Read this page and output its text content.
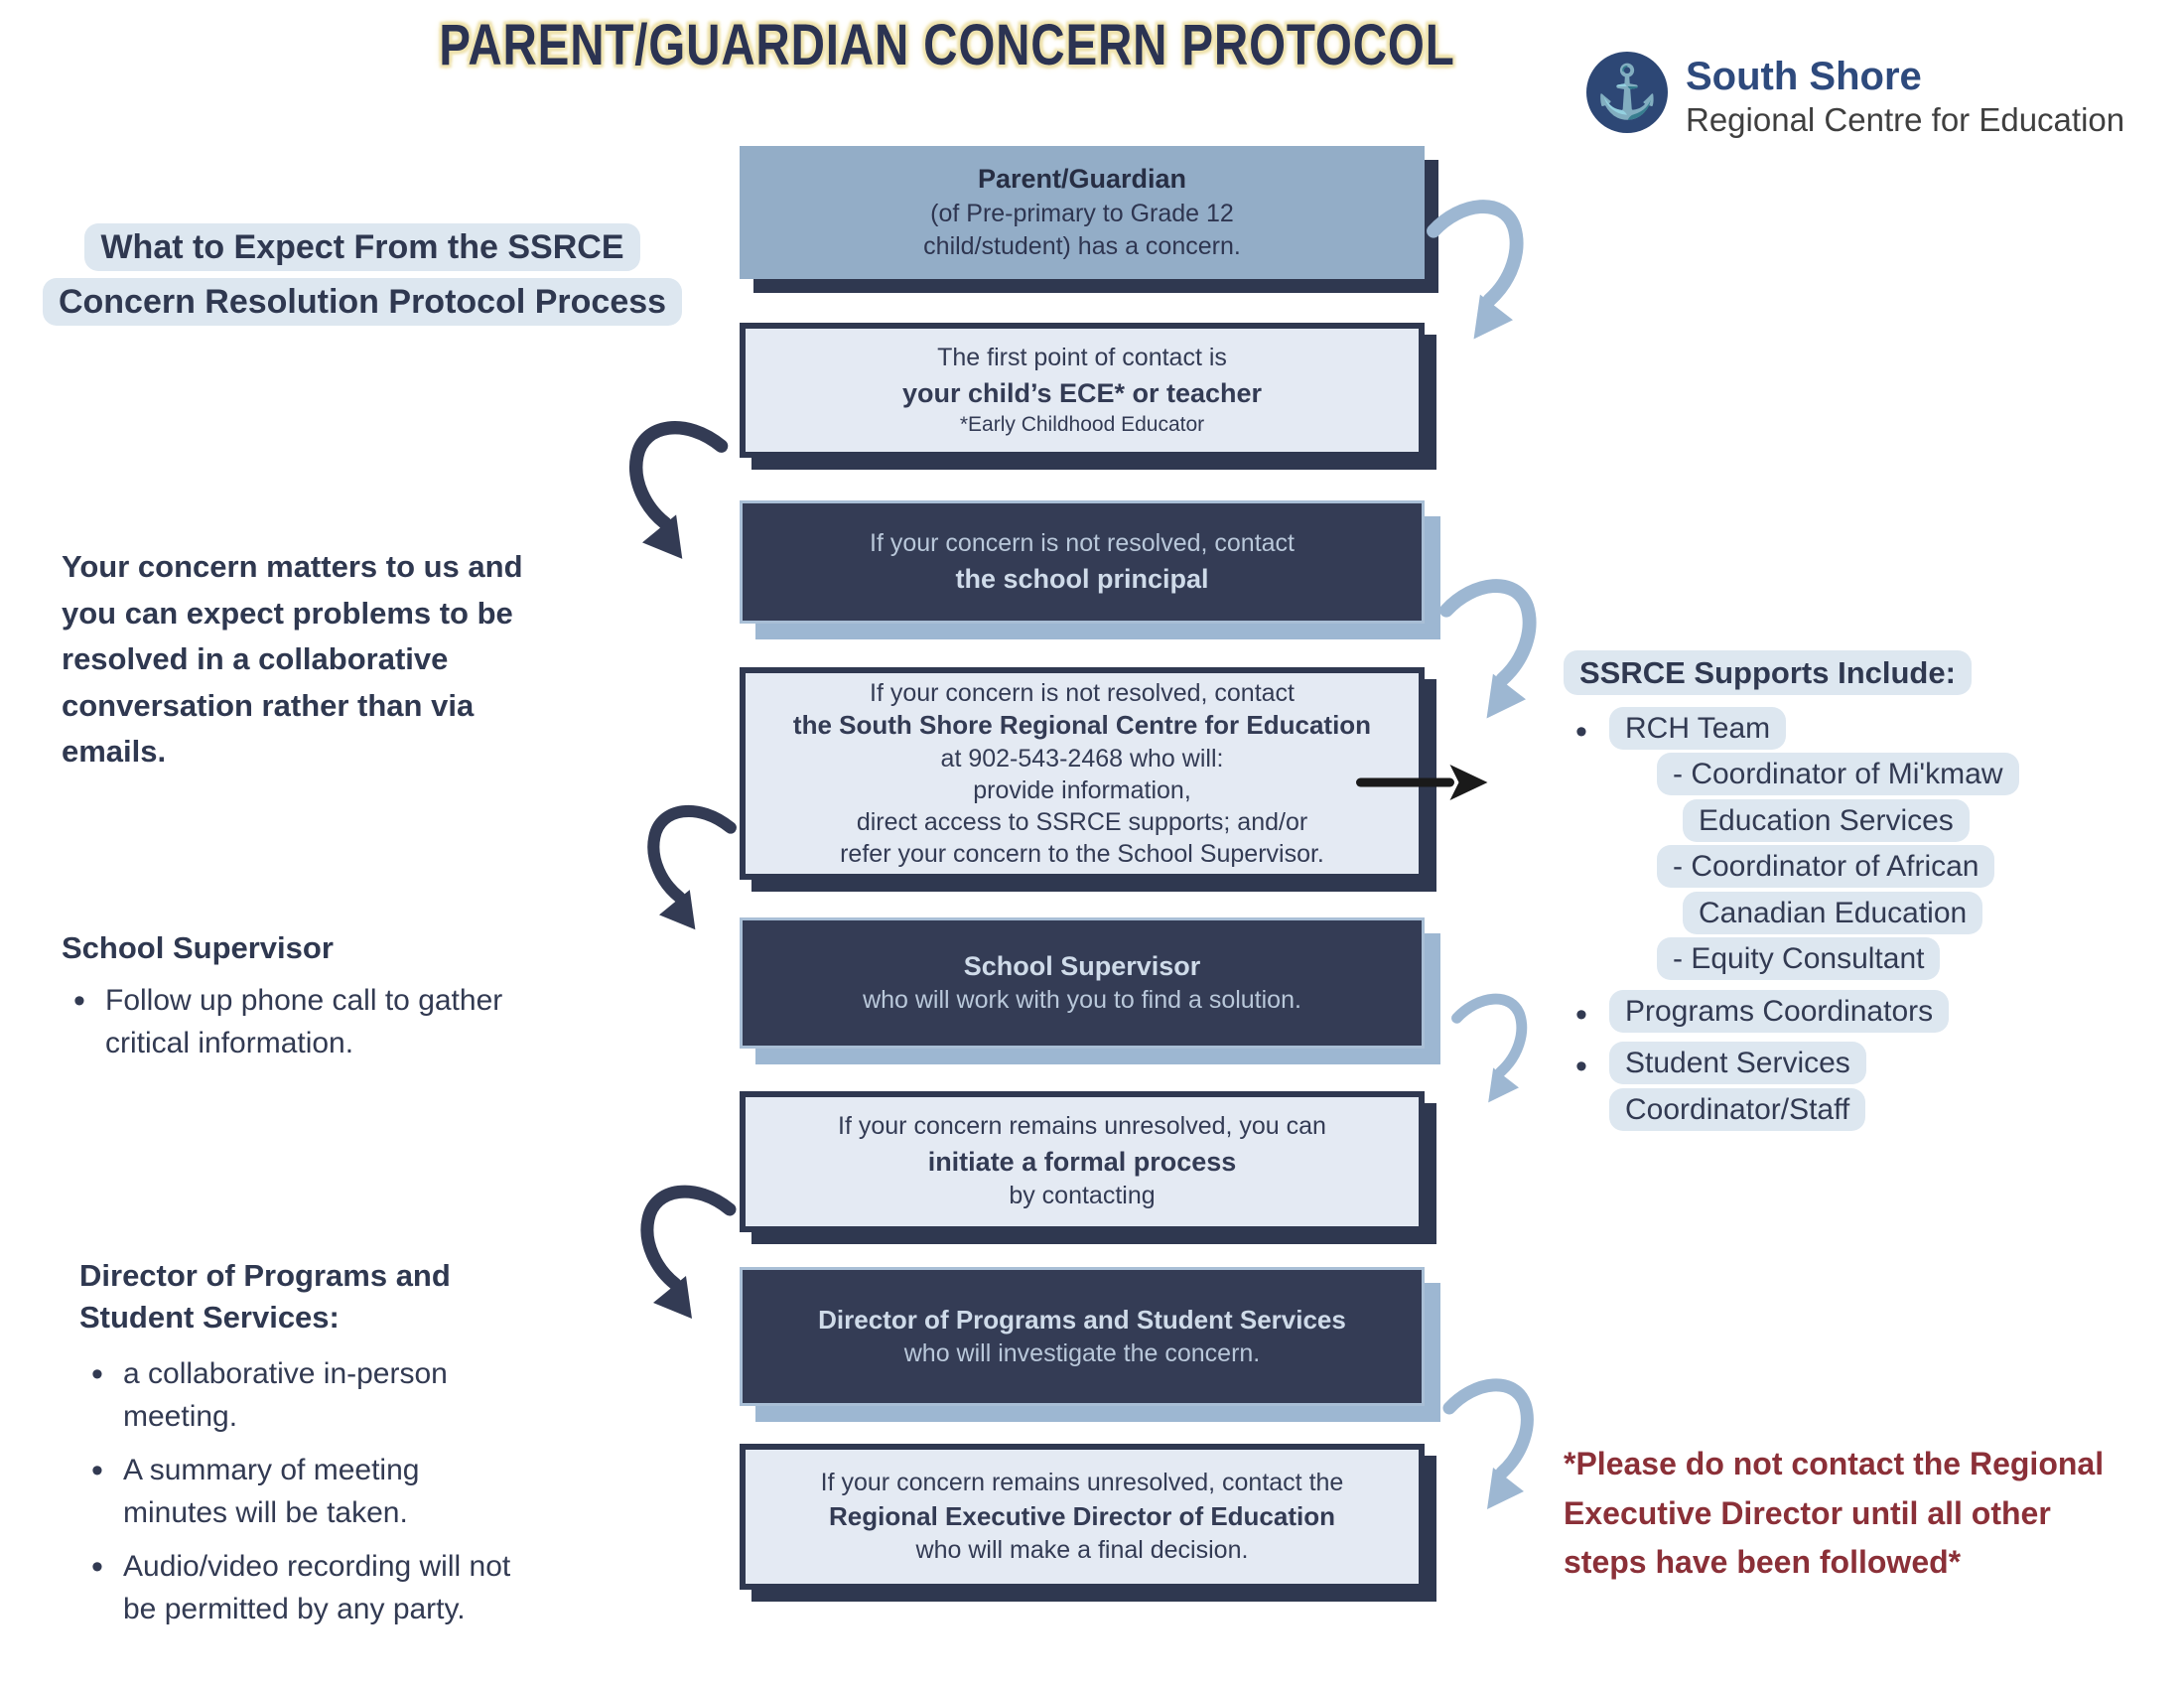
PARENT/GUARDIAN CONCERN PROTOCOL
⚓ South Shore
Regional Centre for Education
What to Expect From the SSRCE Concern Resolution Protocol Process
Your concern matters to us and you can expect problems to be resolved in a collaborative conversation rather than via emails.
School Supervisor
• Follow up phone call to gather critical information.
Director of Programs and Student Services:
• a collaborative in-person meeting.
• A summary of meeting minutes will be taken.
• Audio/video recording will not be permitted by any party.
Parent/Guardian
(of Pre-primary to Grade 12 child/student) has a concern.
The first point of contact is
your child’s ECE* or teacher
*Early Childhood Educator
If your concern is not resolved, contact
the school principal
If your concern is not resolved, contact
the South Shore Regional Centre for Education
at 902-543-2468 who will:
provide information,
direct access to SSRCE supports; and/or
refer your concern to the School Supervisor.
School Supervisor
who will work with you to find a solution.
If your concern remains unresolved, you can
initiate a formal process
by contacting
Director of Programs and Student Services
who will investigate the concern.
If your concern remains unresolved, contact the
Regional Executive Director of Education
who will make a final decision.
SSRCE Supports Include:
• RCH Team
- Coordinator of Mi'kmaw Education Services
- Coordinator of African Canadian Education
- Equity Consultant
• Programs Coordinators
• Student Services Coordinator/Staff
*Please do not contact the Regional Executive Director until all other steps have been followed*
